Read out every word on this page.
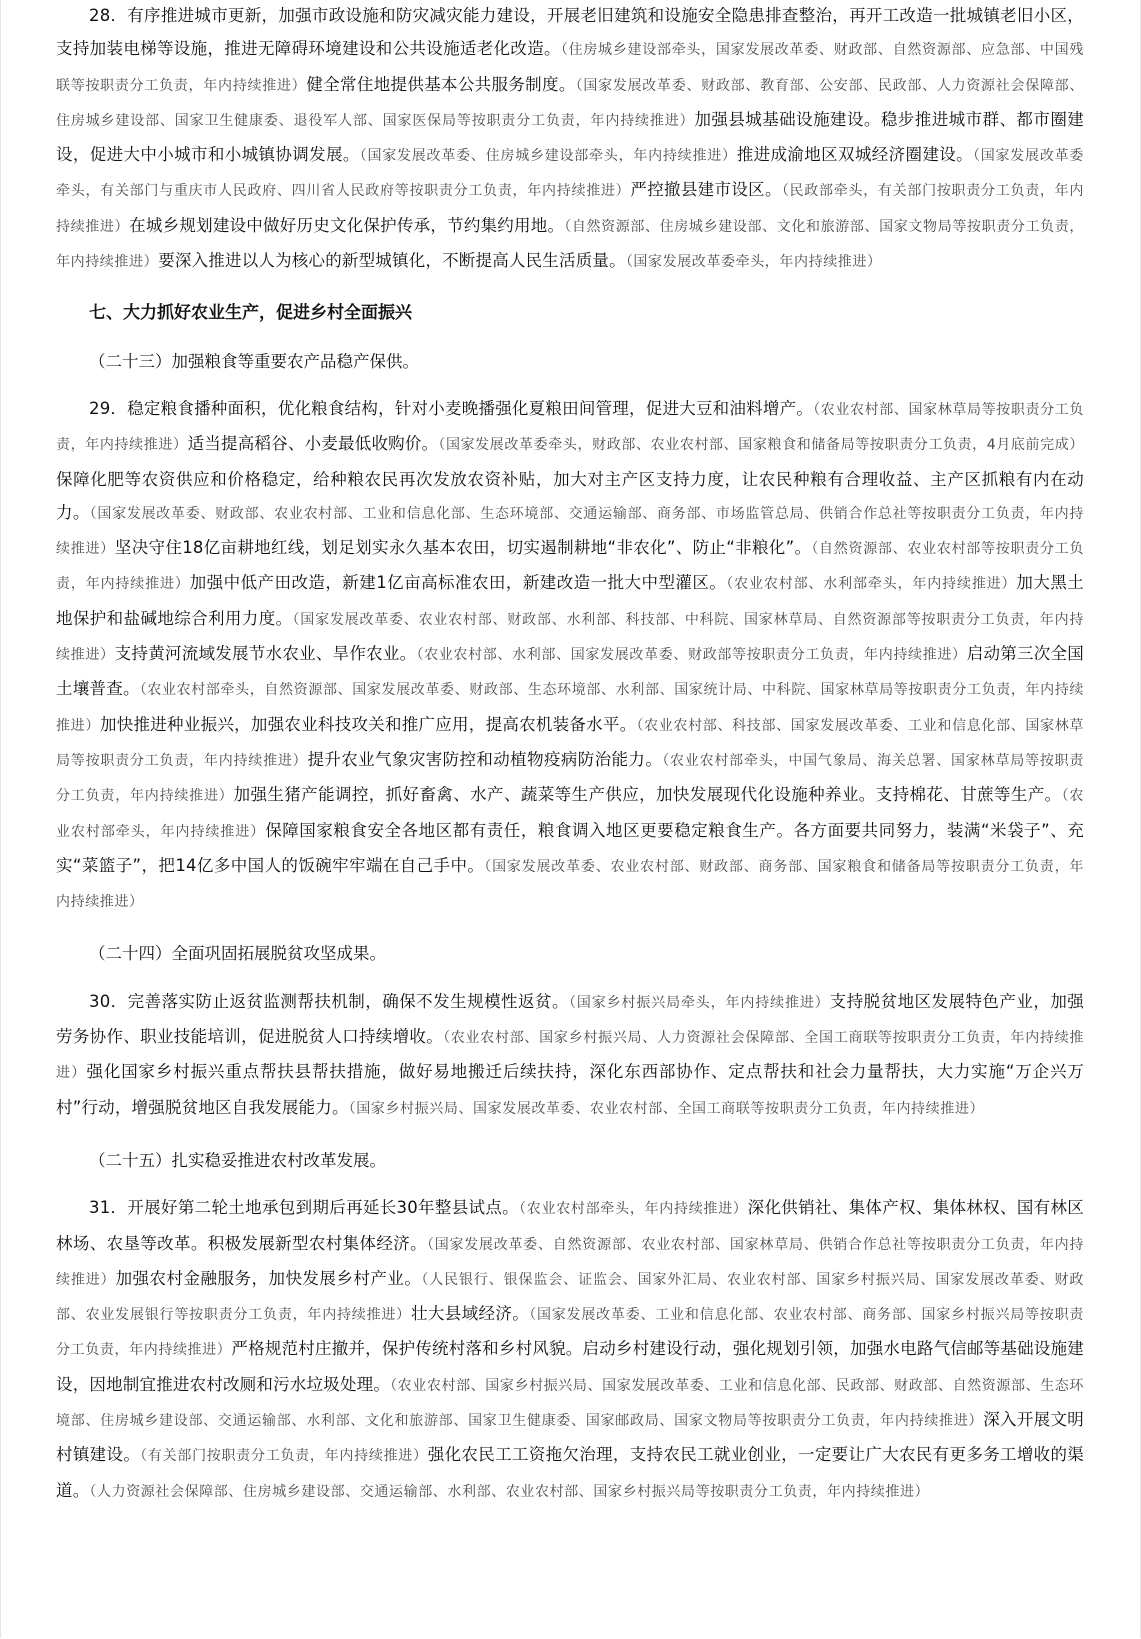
28．有序推进城市更新，加强市政设施和防灾减灾能力建设，开展老旧建筑和设施安全隐患排查整治，再开工改造一批城镇老旧小区，支持加装电梯等设施，推进无障碍环境建设和公共设施适老化改造。（住房城乡建设部牵头，国家发展改革委、财政部、自然资源部、应急部、中国残联等按职责分工负责，年内持续推进）健全常住地提供基本公共服务制度。（国家发展改革委、财政部、教育部、公安部、民政部、人力资源社会保障部、住房城乡建设部、国家卫生健康委、退役军人部、国家医保局等按职责分工负责，年内持续推进）加强县城基础设施建设。稳步推进城市群、都市圈建设，促进大中小城市和小城镇协调发展。（国家发展改革委、住房城乡建设部牵头，年内持续推进）推进成渝地区双城经济圈建设。（国家发展改革委牵头，有关部门与重庆市人民政府、四川省人民政府等按职责分工负责，年内持续推进）严控撤县建市设区。（民政部牵头，有关部门按职责分工负责，年内持续推进）在城乡规划建设中做好历史文化保护传承，节约集约用地。（自然资源部、住房城乡建设部、文化和旅游部、国家文物局等按职责分工负责，年内持续推进）要深入推进以人为核心的新型城镇化，不断提高人民生活质量。（国家发展改革委牵头，年内持续推进）

七、大力抓好农业生产，促进乡村全面振兴

（二十三）加强粮食等重要农产品稳产保供。

29．稳定粮食播种面积，优化粮食结构，针对小麦晚播强化夏粮田间管理，促进大豆和油料增产。（农业农村部、国家林草局等按职责分工负责，年内持续推进）适当提高稻谷、小麦最低收购价。（国家发展改革委牵头，财政部、农业农村部、国家粮食和储备局等按职责分工负责，4月底前完成）保障化肥等农资供应和价格稳定，给种粮农民再次发放农资补贴，加大对主产区支持力度，让农民种粮有合理收益、主产区抓粮有内在动力。（国家发展改革委、财政部、农业农村部、工业和信息化部、生态环境部、交通运输部、商务部、市场监管总局、供销合作总社等按职责分工负责，年内持续推进）坚决守住18亿亩耕地红线，划足划实永久基本农田，切实遏制耕地“非农化”、防止“非粮化”。（自然资源部、农业农村部等按职责分工负责，年内持续推进）加强中低产田改造，新建1亿亩高标准农田，新建改造一批大中型灌区。（农业农村部、水利部牵头，年内持续推进）加大黑土地保护和盐碱地综合利用力度。（国家发展改革委、农业农村部、财政部、水利部、科技部、中科院、国家林草局、自然资源部等按职责分工负责，年内持续推进）支持黄河流域发展节水农业、旱作农业。（农业农村部、水利部、国家发展改革委、财政部等按职责分工负责，年内持续推进）启动第三次全国土壤普查。（农业农村部牵头，自然资源部、国家发展改革委、财政部、生态环境部、水利部、国家统计局、中科院、国家林草局等按职责分工负责，年内持续推进）加快推进种业振兴，加强农业科技攻关和推广应用，提高农机装备水平。（农业农村部、科技部、国家发展改革委、工业和信息化部、国家林草局等按职责分工负责，年内持续推进）提升农业气象灾害防控和动植物疫病防治能力。（农业农村部牵头，中国气象局、海关总署、国家林草局等按职责分工负责，年内持续推进）加强生猪产能调控，抓好畜禽、水产、蔬菜等生产供应，加快发展现代化设施种养业。支持棉花、甘蔗等生产。（农业农村部牵头，年内持续推进）保障国家粮食安全各地区都有责任，粮食调入地区更要稳定粮食生产。各方面要共同努力，装满“米袋子”、充实“菜篮子”，把14亿多中国人的饭碗牢牢端在自己手中。（国家发展改革委、农业农村部、财政部、商务部、国家粮食和储备局等按职责分工负责，年内持续推进）

（二十四）全面巩固拓展脱贫攻坚成果。

30．完善落实防止返贫监测帮扶机制，确保不发生规模性返贫。（国家乡村振兴局牵头，年内持续推进）支持脱贫地区发展特色产业，加强劳务协作、职业技能培训，促进脱贫人口持续增收。（农业农村部、国家乡村振兴局、人力资源社会保障部、全国工商联等按职责分工负责，年内持续推进）强化国家乡村振兴重点帮扶县帮扶措施，做好易地搬迁后续扶持，深化东西部协作、定点帮扶和社会力量帮扶，大力实施“万企兴万村”行动，增强脱贫地区自我发展能力。（国家乡村振兴局、国家发展改革委、农业农村部、全国工商联等按职责分工负责，年内持续推进）

（二十五）扎实稳妥推进农村改革发展。

31．开展好第二轮土地承包到期后再延长30年整县试点。（农业农村部牵头，年内持续推进）深化供销社、集体产权、集体林权、国有林区林场、农垦等改革。积极发展新型农村集体经济。（国家发展改革委、自然资源部、农业农村部、国家林草局、供销合作总社等按职责分工负责，年内持续推进）加强农村金融服务，加快发展乡村产业。（人民银行、银保监会、证监会、国家外汇局、农业农村部、国家乡村振兴局、国家发展改革委、财政部、农业发展银行等按职责分工负责，年内持续推进）壮大县域经济。（国家发展改革委、工业和信息化部、农业农村部、商务部、国家乡村振兴局等按职责分工负责，年内持续推进）严格规范村庄撤并，保护传统村落和乡村风貌。启动乡村建设行动，强化规划引领，加强水电路气信邮等基础设施建设，因地制宜推进农村改厕和污水垃圾处理。（农业农村部、国家乡村振兴局、国家发展改革委、工业和信息化部、民政部、财政部、自然资源部、生态环境部、住房城乡建设部、交通运输部、水利部、文化和旅游部、国家卫生健康委、国家邮政局、国家文物局等按职责分工负责，年内持续推进）深入开展文明村镇建设。（有关部门按职责分工负责，年内持续推进）强化农民工工资拖欠治理，支持农民工就业创业，一定要让广大农民有更多务工增收的渠道。（人力资源社会保障部、住房城乡建设部、交通运输部、水利部、农业农村部、国家乡村振兴局等按职责分工负责，年内持续推进）
